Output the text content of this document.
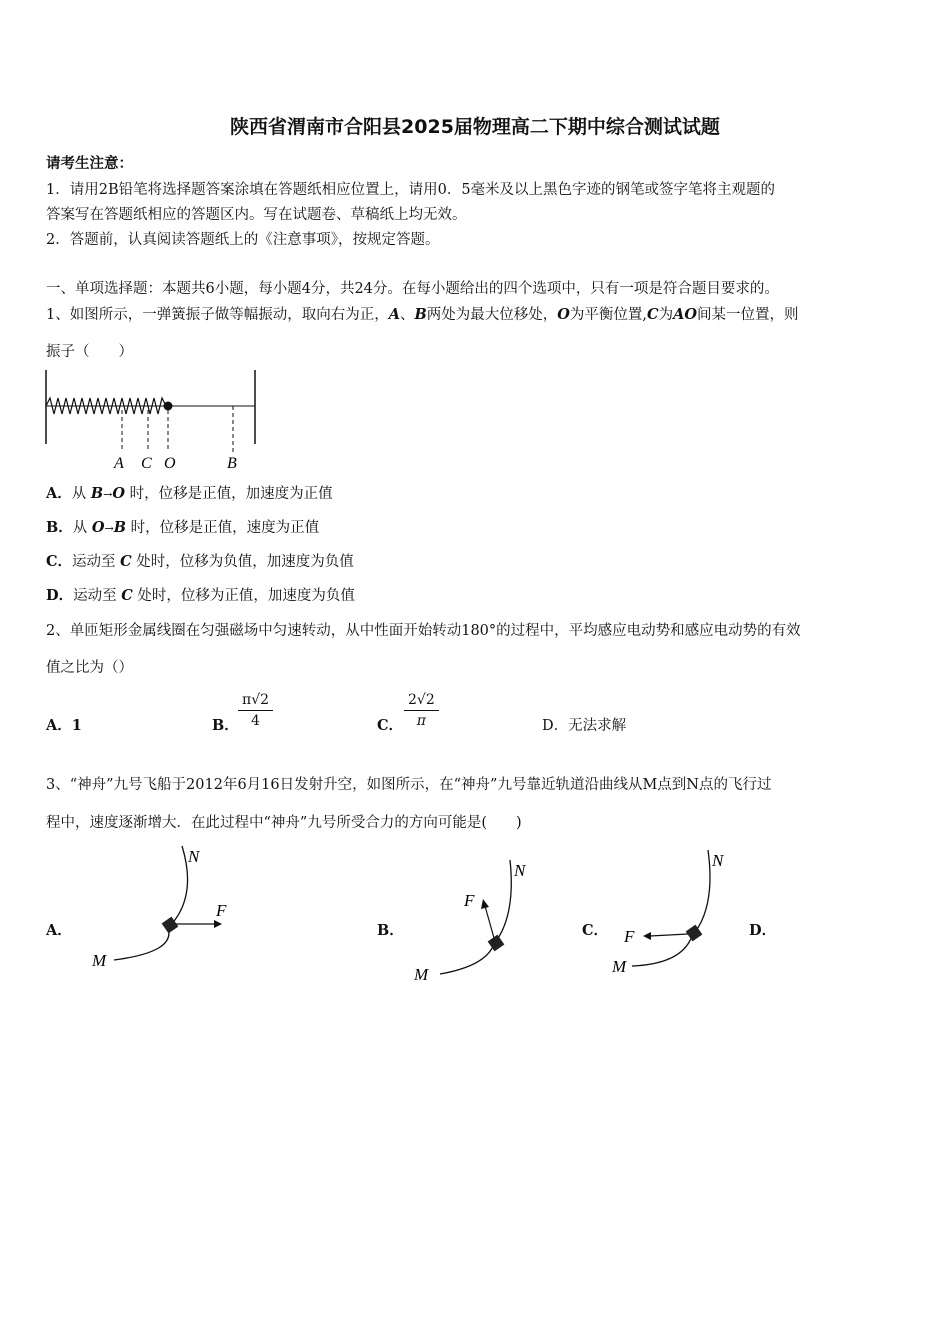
陕西省渭南市合阳县2025届物理高二下期中综合测试试题
请考生注意：
1．请用2B铅笔将选择题答案涂填在答题纸相应位置上，请用0．5毫米及以上黑色字迹的钢笔或签字笔将主观题的
答案写在答题纸相应的答题区内。写在试题卷、草稿纸上均无效。
2．答题前，认真阅读答题纸上的《注意事项》，按规定答题。
一、单项选择题：本题共6小题，每小题4分，共24分。在每小题给出的四个选项中，只有一项是符合题目要求的。
1、如图所示，一弹簧振子做等幅振动，取向右为正，A、B两处为最大位移处，O为平衡位置,C为AO间某一位置，则
振子（　　）
A C O	B
A．从 B→O 时，位移是正值，加速度为正值
B．从 O→B 时，位移是正值，速度为正值
C．运动至 C 处时，位移为负值，加速度为负值
D．运动至 C 处时，位移为正值，加速度为负值
2、单匝矩形金属线圈在匀强磁场中匀速转动，从中性面开始转动180°的过程中，平均感应电动势和感应电动势的有效
值之比为（）
A．1	B． $\frac{\pi√2}{4}$	C． $\frac{2√2}{\pi}$	D．无法求解
3、“神舟”九号飞船于2012年6月16日发射升空，如图所示，在“神舟”九号靠近轨道沿曲线从M点到N点的飞行过
程中，速度逐渐增大．在此过程中“神舟”九号所受合力的方向可能是(　　)
A．	B．	C．	D．
N
M
F
N
M
F
N
M
F
